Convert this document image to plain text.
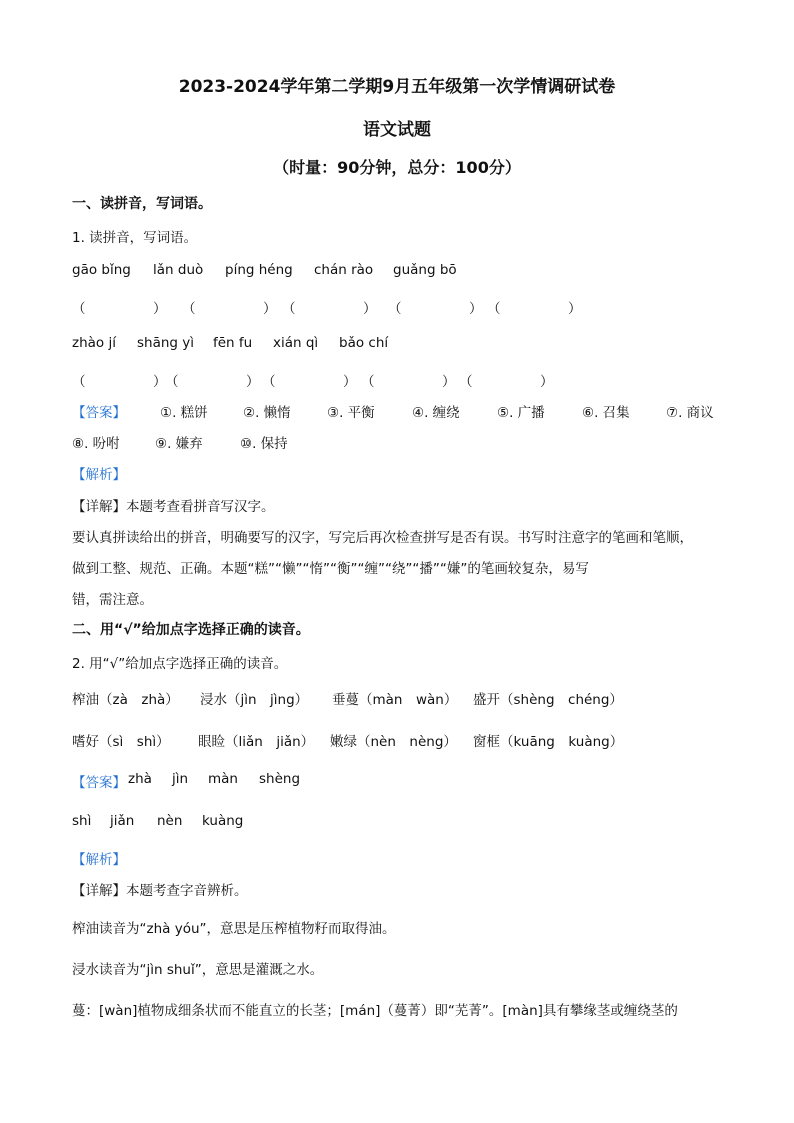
2023-2024学年第二学期9月五年级第一次学情调研试卷
语文试题
（时量：90分钟，总分：100分）
一、读拼音，写词语。
1. 读拼音，写词语。
gāo bǐng lǎn duò píng héng chán rào guǎng bō
（　　　　　） （　　　　　） （　　　　　） （　　　　　） （　　　　　）
zhào jí shāng yì fēn fu xián qì bǎo chí
（　　　　　）
（　　　　　） （　　　　　） （　　　　　） （　　　　　）
【答案】	①. 糕饼	②. 懒惰	③. 平衡	④. 缠绕	⑤. 广播	⑥. 召集	⑦. 商议
⑧. 吩咐	⑨. 嫌弃	⑩. 保持
【解析】
【详解】本题考查看拼音写汉字。
要认真拼读给出的拼音，明确要写的汉字，写完后再次检查拼写是否有误。书写时注意字的笔画和笔顺，
做到工整、规范、正确。本题“糕”“懒”“惰”“衡”“缠”“绕”“播”“嫌”的笔画较复杂，易写
错，需注意。
二、用“√”给加点字选择正确的读音。
2. 用“√”给加点字选择正确的读音。
榨油（zà　zhà） 浸水（jìn　jìng） 垂蔓（màn　wàn） 盛开（shèng　chéng）
嗜好（sì　shì） 眼睑（liǎn　jiǎn） 嫩绿（nèn　nèng） 窗框（kuāng　kuàng）
【答案】 zhà jìn màn shèng
shì jiǎn nèn kuàng
【解析】
【详解】本题考查字音辨析。
榨油读音为“zhà yóu”，意思是压榨植物籽而取得油。
浸水读音为“jìn shuǐ”，意思是灌溉之水。
蔓：[wàn]植物成细条状而不能直立的长茎；[mán]（蔓菁）即“芜菁”。[màn]具有攀缘茎或缠绕茎的
